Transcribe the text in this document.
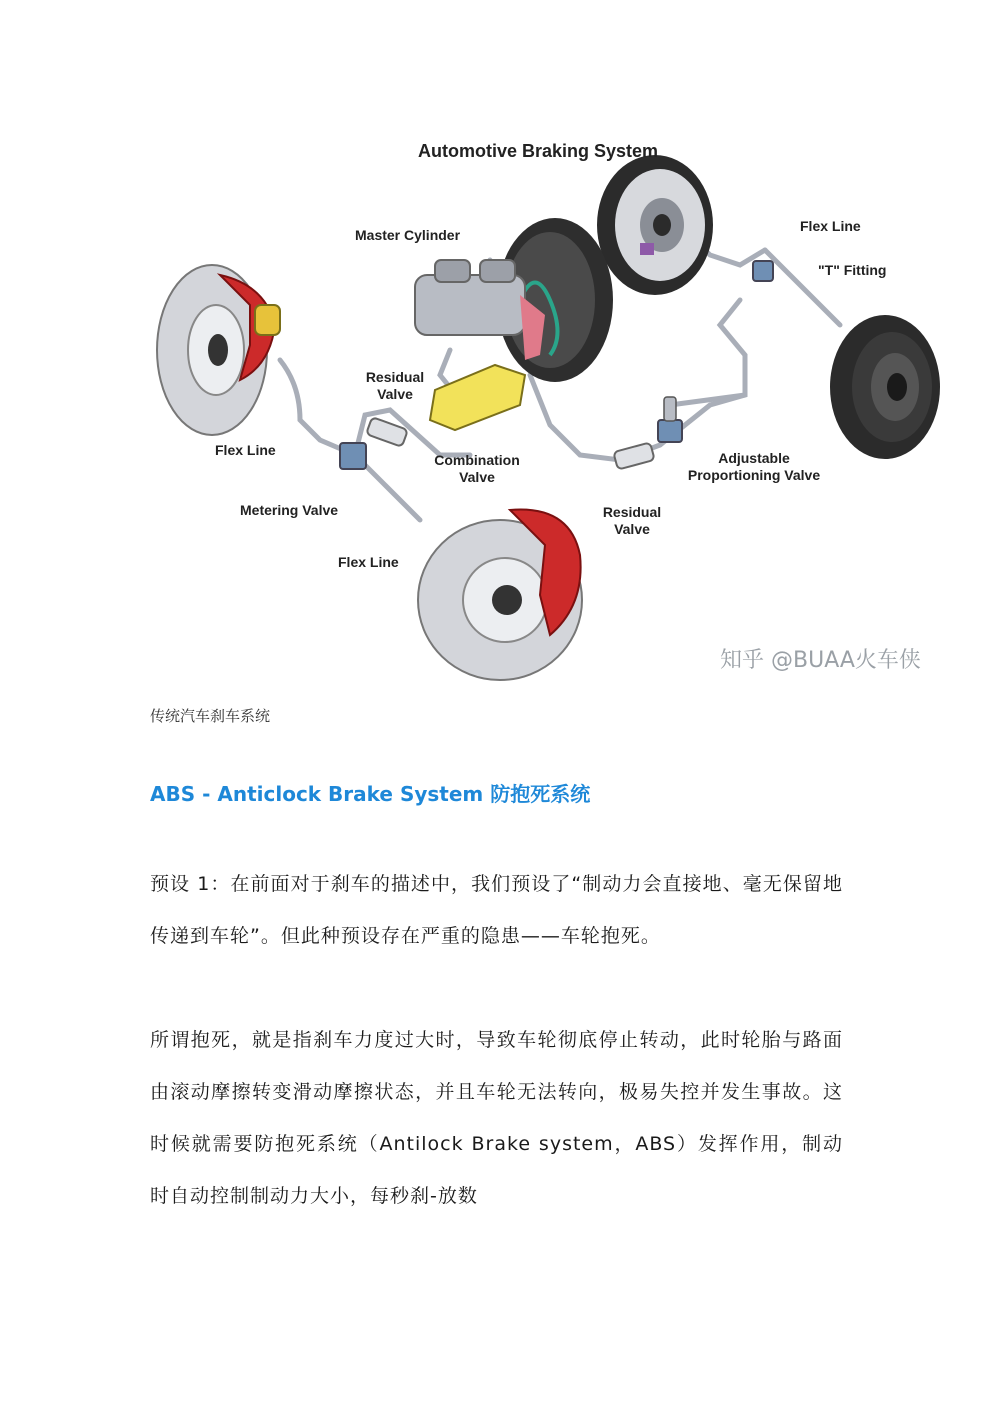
Automotive Braking System
Master Cylinder
Flex Line
"T" Fitting
Flex Line
Metering Valve
Flex Line
Residual Valve
Combination Valve
Adjustable Proportioning Valve
Residual Valve
知乎 @BUAA火车侠
传统汽车刹车系统
ABS - Anticlock Brake System 防抱死系统
预设 1：在前面对于刹车的描述中，我们预设了“制动力会直接地、毫无保留地传递到车轮”。但此种预设存在严重的隐患——车轮抱死。
所谓抱死，就是指刹车力度过大时，导致车轮彻底停止转动，此时轮胎与路面由滚动摩擦转变滑动摩擦状态，并且车轮无法转向，极易失控并发生事故。这时候就需要防抱死系统（Antilock Brake system，ABS）发挥作用，制动时自动控制制动力大小，每秒刹-放数
